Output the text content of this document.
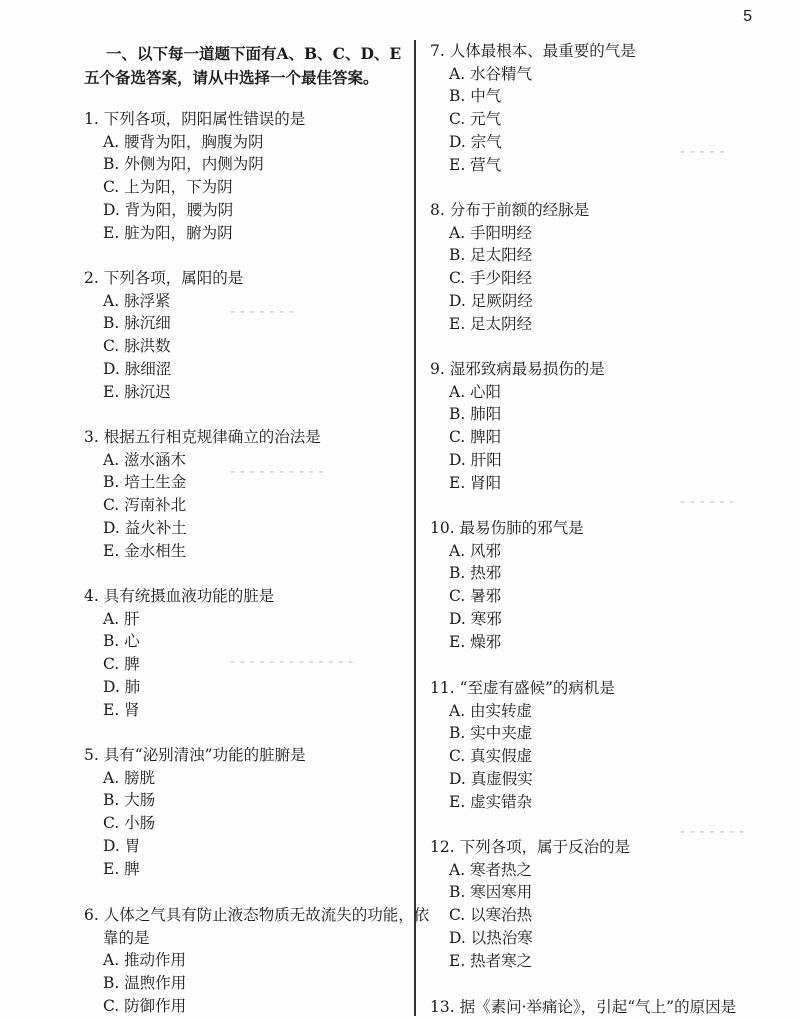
5
- - - - - - -
- - - - - - - - - -
- - - - - - - - - - - - -
- - - - -
- - - - - -
- - - - - - -
一、以下每一道题下面有A、B、C、D、E五个备选答案，请从中选择一个最佳答案。
1. 下列各项，阴阳属性错误的是
A. 腰背为阳，胸腹为阴
B. 外侧为阳，内侧为阴
C. 上为阳，下为阴
D. 背为阳，腰为阴
E. 脏为阳，腑为阴
2. 下列各项，属阳的是
A. 脉浮紧
B. 脉沉细
C. 脉洪数
D. 脉细涩
E. 脉沉迟
3. 根据五行相克规律确立的治法是
A. 滋水涵木
B. 培土生金
C. 泻南补北
D. 益火补土
E. 金水相生
4. 具有统摄血液功能的脏是
A. 肝
B. 心
C. 脾
D. 肺
E. 肾
5. 具有“泌别清浊”功能的脏腑是
A. 膀胱
B. 大肠
C. 小肠
D. 胃
E. 脾
6. 人体之气具有防止液态物质无故流失的功能，依靠的是
A. 推动作用
B. 温煦作用
C. 防御作用
7. 人体最根本、最重要的气是
A. 水谷精气
B. 中气
C. 元气
D. 宗气
E. 营气
8. 分布于前额的经脉是
A. 手阳明经
B. 足太阳经
C. 手少阳经
D. 足厥阴经
E. 足太阴经
9. 湿邪致病最易损伤的是
A. 心阳
B. 肺阳
C. 脾阳
D. 肝阳
E. 肾阳
10. 最易伤肺的邪气是
A. 风邪
B. 热邪
C. 暑邪
D. 寒邪
E. 燥邪
11. “至虚有盛候”的病机是
A. 由实转虚
B. 实中夹虚
C. 真实假虚
D. 真虚假实
E. 虚实错杂
12. 下列各项，属于反治的是
A. 寒者热之
B. 寒因寒用
C. 以寒治热
D. 以热治寒
E. 热者寒之
13. 据《素问·举痛论》，引起“气上”的原因是
